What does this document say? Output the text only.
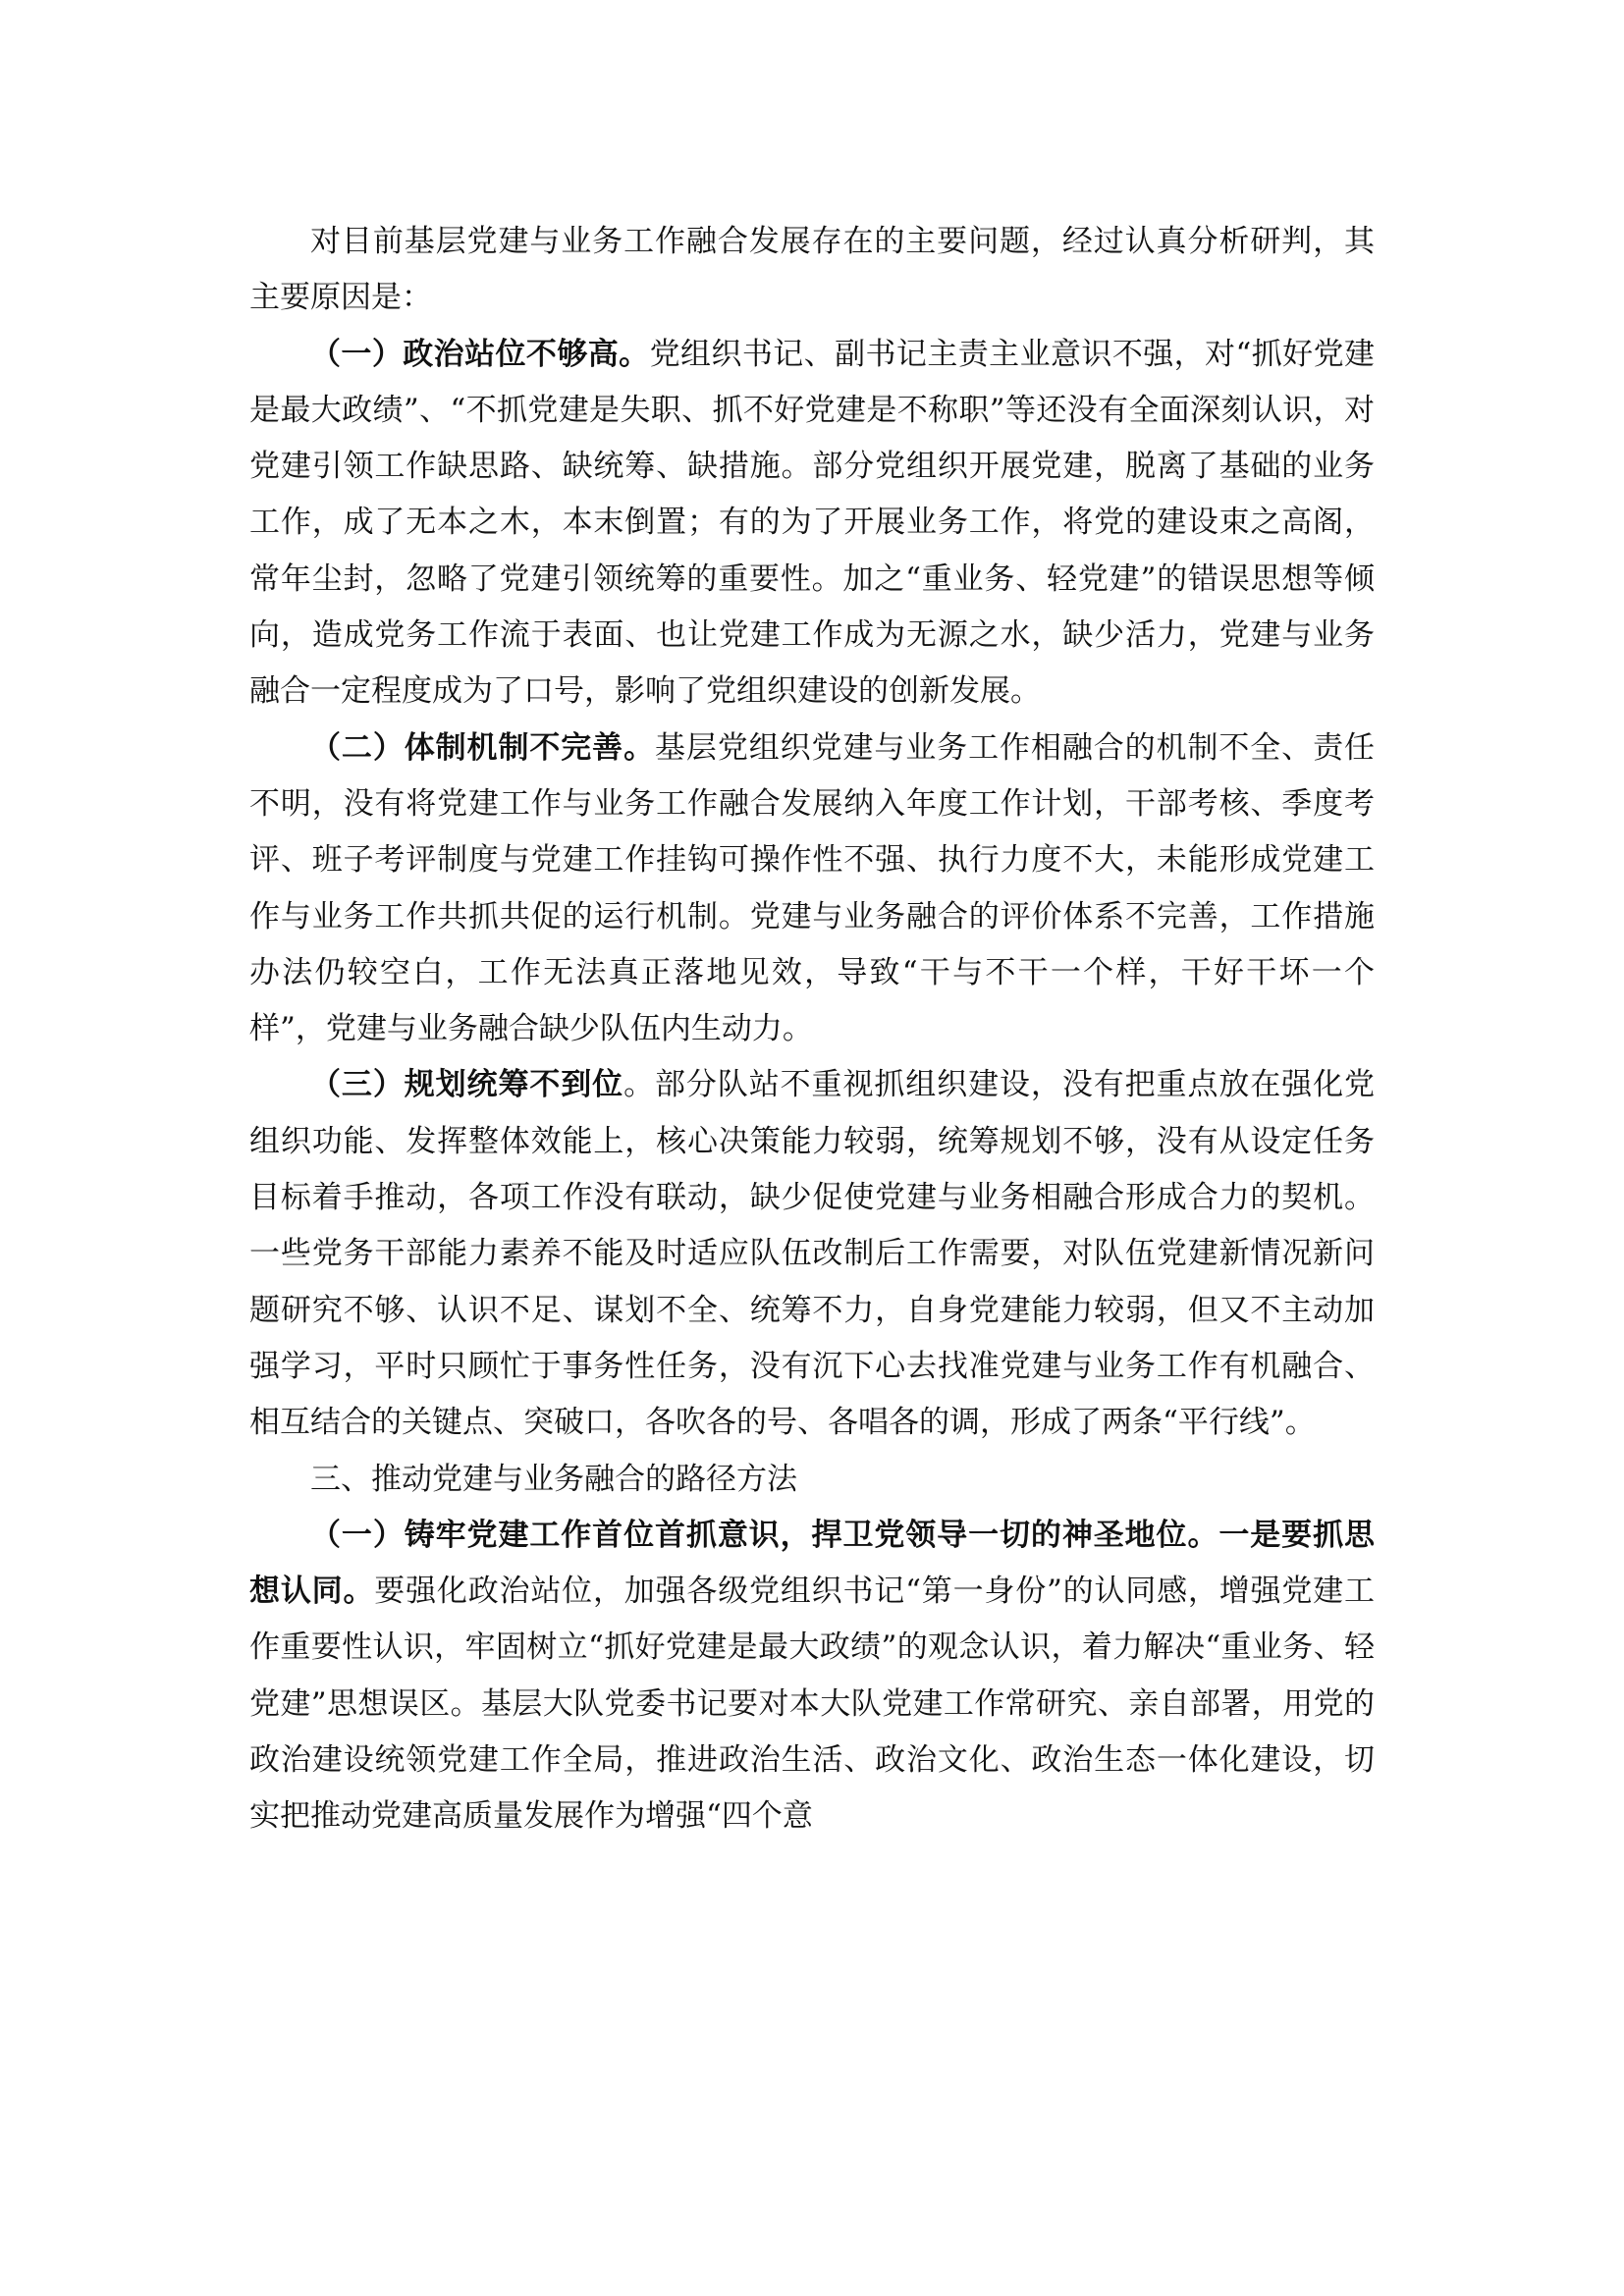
对目前基层党建与业务工作融合发展存在的主要问题，经过认真分析研判，其主要原因是：

（一）政治站位不够高。党组织书记、副书记主责主业意识不强，对“抓好党建是最大政绩”、“不抓党建是失职、抓不好党建是不称职”等还没有全面深刻认识，对党建引领工作缺思路、缺统筹、缺措施。部分党组织开展党建，脱离了基础的业务工作，成了无本之木，本末倒置；有的为了开展业务工作，将党的建设束之高阁，常年尘封，忽略了党建引领统筹的重要性。加之“重业务、轻党建”的错误思想等倾向，造成党务工作流于表面、也让党建工作成为无源之水，缺少活力，党建与业务融合一定程度成为了口号，影响了党组织建设的创新发展。

（二）体制机制不完善。基层党组织党建与业务工作相融合的机制不全、责任不明，没有将党建工作与业务工作融合发展纳入年度工作计划，干部考核、季度考评、班子考评制度与党建工作挂钩可操作性不强、执行力度不大，未能形成党建工作与业务工作共抓共促的运行机制。党建与业务融合的评价体系不完善，工作措施办法仍较空白，工作无法真正落地见效，导致“干与不干一个样，干好干坏一个样”，党建与业务融合缺少队伍内生动力。

（三）规划统筹不到位。部分队站不重视抓组织建设，没有把重点放在强化党组织功能、发挥整体效能上，核心决策能力较弱，统筹规划不够，没有从设定任务目标着手推动，各项工作没有联动，缺少促使党建与业务相融合形成合力的契机。一些党务干部能力素养不能及时适应队伍改制后工作需要，对队伍党建新情况新问题研究不够、认识不足、谋划不全、统筹不力，自身党建能力较弱，但又不主动加强学习，平时只顾忙于事务性任务，没有沉下心去找准党建与业务工作有机融合、相互结合的关键点、突破口，各吹各的号、各唱各的调，形成了两条“平行线”。

三、推动党建与业务融合的路径方法

（一）铸牢党建工作首位首抓意识，捍卫党领导一切的神圣地位。一是要抓思想认同。要强化政治站位，加强各级党组织书记“第一身份”的认同感，增强党建工作重要性认识，牢固树立“抓好党建是最大政绩”的观念认识，着力解决“重业务、轻党建”思想误区。基层大队党委书记要对本大队党建工作常研究、亲自部署，用党的政治建设统领党建工作全局，推进政治生活、政治文化、政治生态一体化建设，切实把推动党建高质量发展作为增强“四个意
